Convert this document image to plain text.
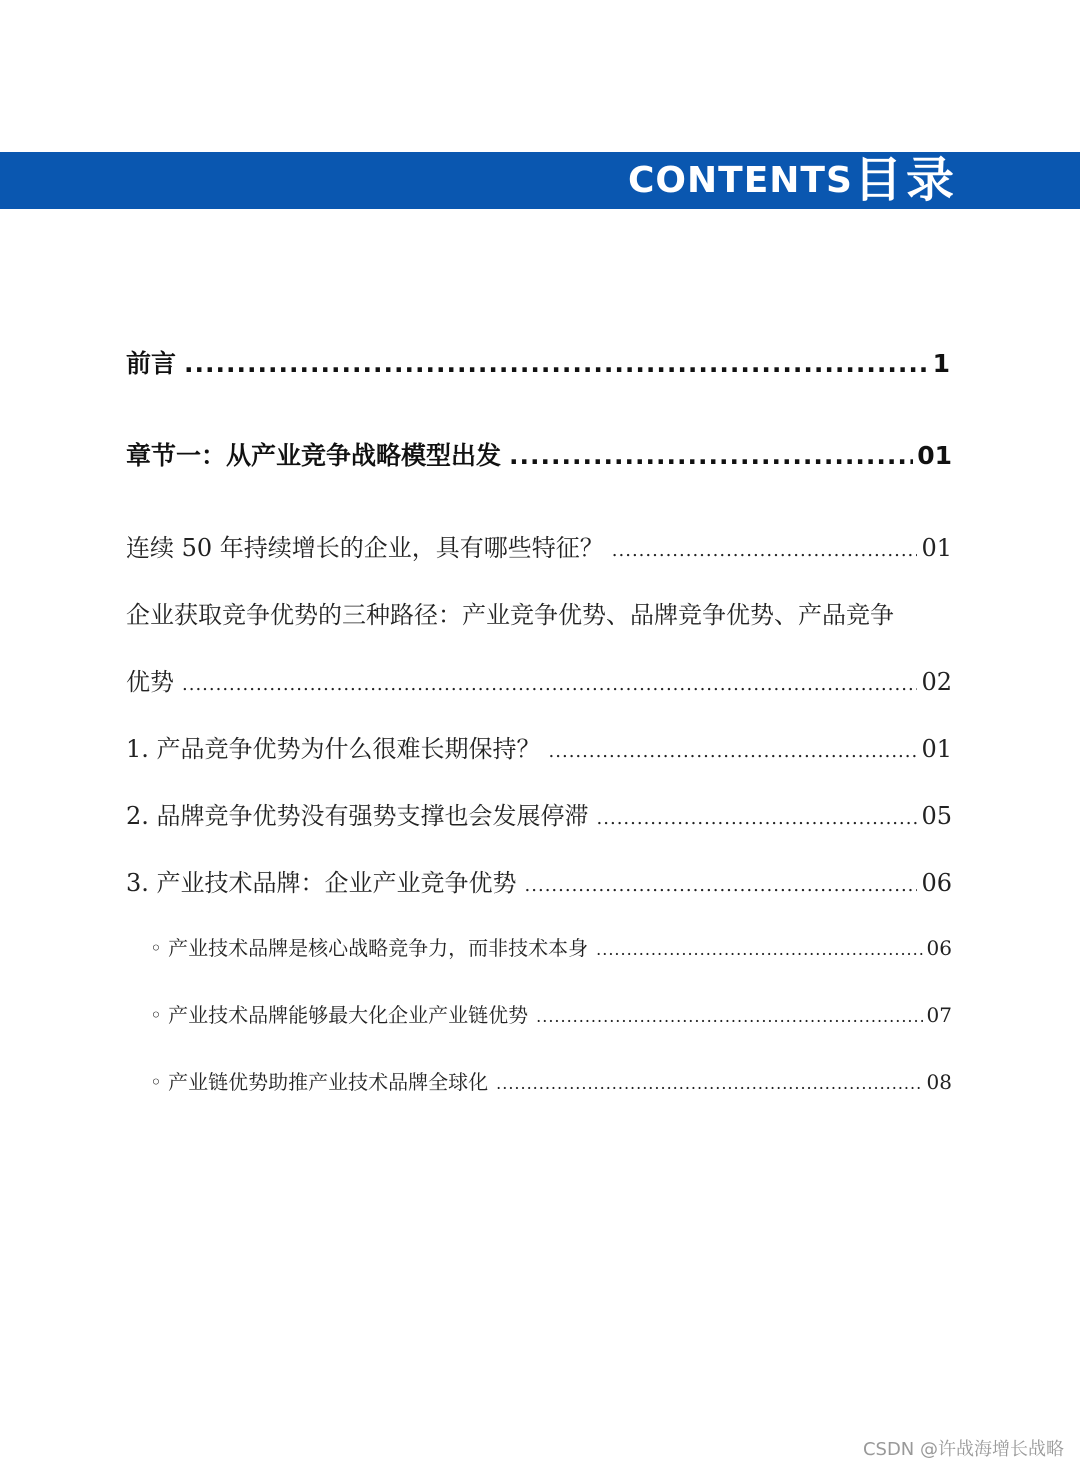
CONTENTS 目录
前言 .....	1
章节一：从产业竞争战略模型出发 .....	01
连续 50 年持续增长的企业，具有哪些特征？ .....	01
企业获取竞争优势的三种路径：产业竞争优势、品牌竞争优势、产品竞争
优势 .....	02
1. 产品竞争优势为什么很难长期保持？ .....	01
2. 品牌竞争优势没有强势支撑也会发展停滞 .....	05
3. 产业技术品牌：企业产业竞争优势 .....	06
◦ 产业技术品牌是核心战略竞争力，而非技术本身 .....	06
◦ 产业技术品牌能够最大化企业产业链优势 .....	07
◦ 产业链优势助推产业技术品牌全球化 .....	08
CSDN @许战海增长战略
